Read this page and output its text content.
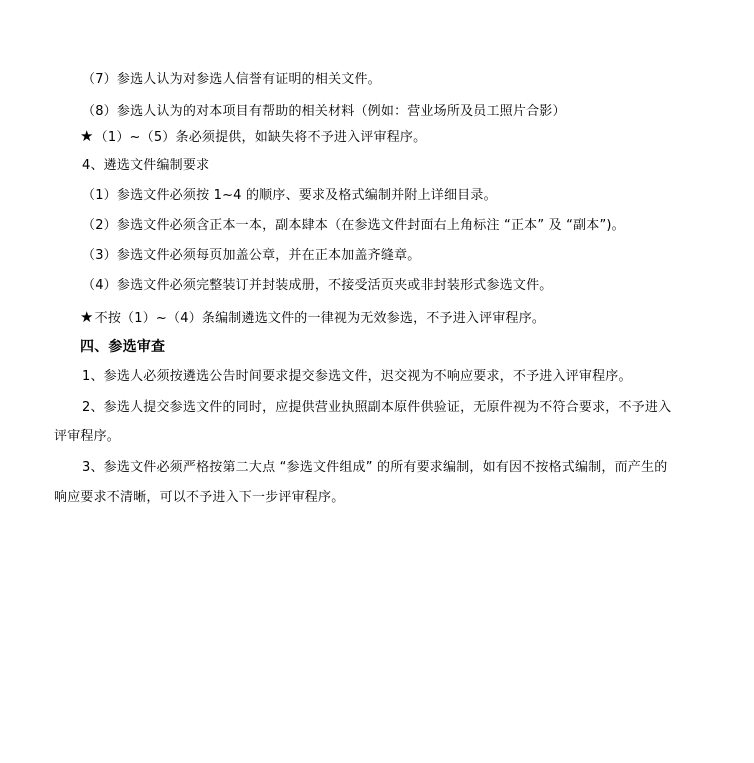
（7）参选人认为对参选人信誉有证明的相关文件。
（8）参选人认为的对本项目有帮助的相关材料（例如：营业场所及员工照片合影）
★（1）~（5）条必须提供，如缺失将不予进入评审程序。
4、遴选文件编制要求
（1）参选文件必须按 1~4 的顺序、要求及格式编制并附上详细目录。
（2）参选文件必须含正本一本，副本肆本（在参选文件封面右上角标注 “正本” 及 “副本”)。
（3）参选文件必须每页加盖公章，并在正本加盖齐缝章。
（4）参选文件必须完整装订并封装成册，不接受活页夹或非封装形式参选文件。
★不按（1）~（4）条编制遴选文件的一律视为无效参选，不予进入评审程序。
四、参选审查
1、参选人必须按遴选公告时间要求提交参选文件，迟交视为不响应要求，不予进入评审程序。
2、参选人提交参选文件的同时，应提供营业执照副本原件供验证，无原件视为不符合要求，不予进入
评审程序。
3、参选文件必须严格按第二大点 “参选文件组成” 的所有要求编制，如有因不按格式编制，而产生的
响应要求不清晰，可以不予进入下一步评审程序。
